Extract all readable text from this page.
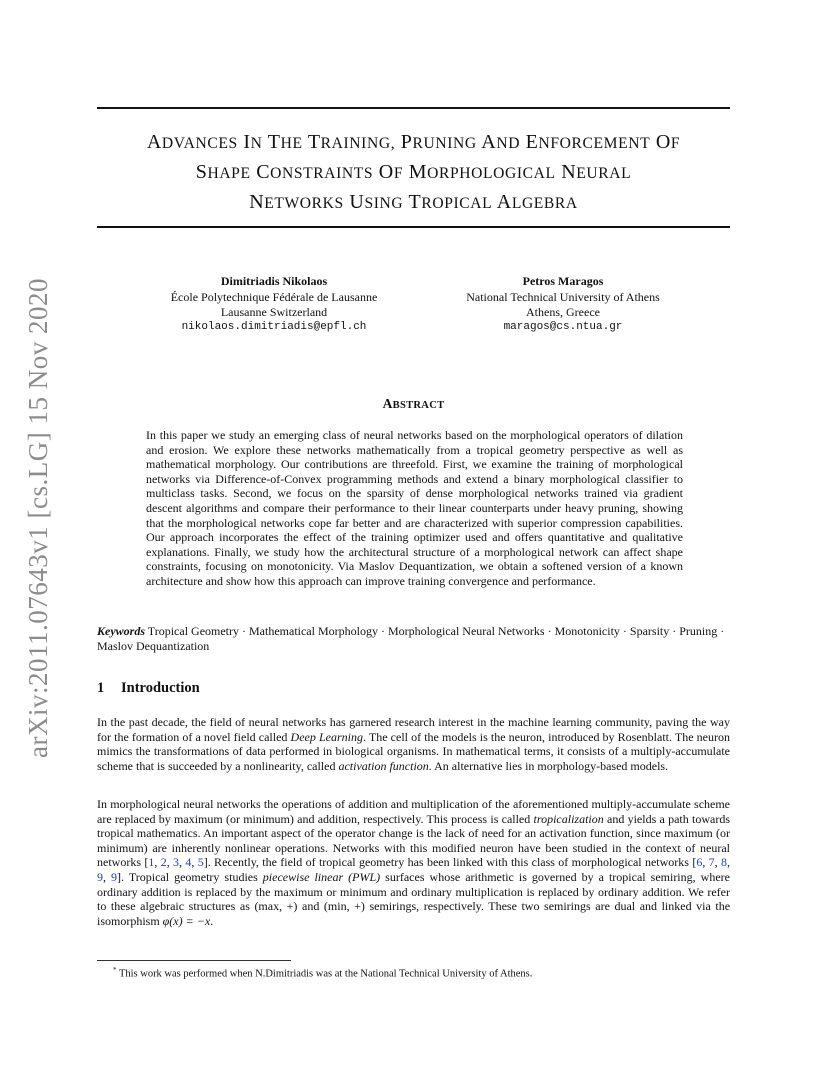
arXiv:2011.07643v1 [cs.LG] 15 Nov 2020
ADVANCES IN THE TRAINING, PRUNING AND ENFORCEMENT OF
SHAPE CONSTRAINTS OF MORPHOLOGICAL NEURAL
NETWORKS USING TROPICAL ALGEBRA
Dimitriadis Nikolaos
École Polytechnique Fédérale de Lausanne
Lausanne Switzerland
nikolaos.dimitriadis@epfl.ch
Petros Maragos
National Technical University of Athens
Athens, Greece
maragos@cs.ntua.gr
ABSTRACT
In this paper we study an emerging class of neural networks based on the morphological operators of dilation and erosion. We explore these networks mathematically from a tropical geometry perspective as well as mathematical morphology. Our contributions are threefold. First, we examine the training of morphological networks via Difference-of-Convex programming methods and extend a binary morphological classifier to multiclass tasks. Second, we focus on the sparsity of dense morphological networks trained via gradient descent algorithms and compare their performance to their linear counterparts under heavy pruning, showing that the morphological networks cope far better and are characterized with superior compression capabilities. Our approach incorporates the effect of the training optimizer used and offers quantitative and qualitative explanations. Finally, we study how the architectural structure of a morphological network can affect shape constraints, focusing on monotonicity. Via Maslov Dequantization, we obtain a softened version of a known architecture and show how this approach can improve training convergence and performance.
Keywords Tropical Geometry · Mathematical Morphology · Morphological Neural Networks · Monotonicity · Sparsity · Pruning · Maslov Dequantization
1 Introduction
In the past decade, the field of neural networks has garnered research interest in the machine learning community, paving the way for the formation of a novel field called Deep Learning. The cell of the models is the neuron, introduced by Rosenblatt. The neuron mimics the transformations of data performed in biological organisms. In mathematical terms, it consists of a multiply-accumulate scheme that is succeeded by a nonlinearity, called activation function. An alternative lies in morphology-based models.
In morphological neural networks the operations of addition and multiplication of the aforementioned multiply-accumulate scheme are replaced by maximum (or minimum) and addition, respectively. This process is called tropicalization and yields a path towards tropical mathematics. An important aspect of the operator change is the lack of need for an activation function, since maximum (or minimum) are inherently nonlinear operations. Networks with this modified neuron have been studied in the context of neural networks [1, 2, 3, 4, 5]. Recently, the field of tropical geometry has been linked with this class of morphological networks [6, 7, 8, 9, 9]. Tropical geometry studies piecewise linear (PWL) surfaces whose arithmetic is governed by a tropical semiring, where ordinary addition is replaced by the maximum or minimum and ordinary multiplication is replaced by ordinary addition. We refer to these algebraic structures as (max, +) and (min, +) semirings, respectively. These two semirings are dual and linked via the isomorphism φ(x) = −x.
* This work was performed when N.Dimitriadis was at the National Technical University of Athens.
